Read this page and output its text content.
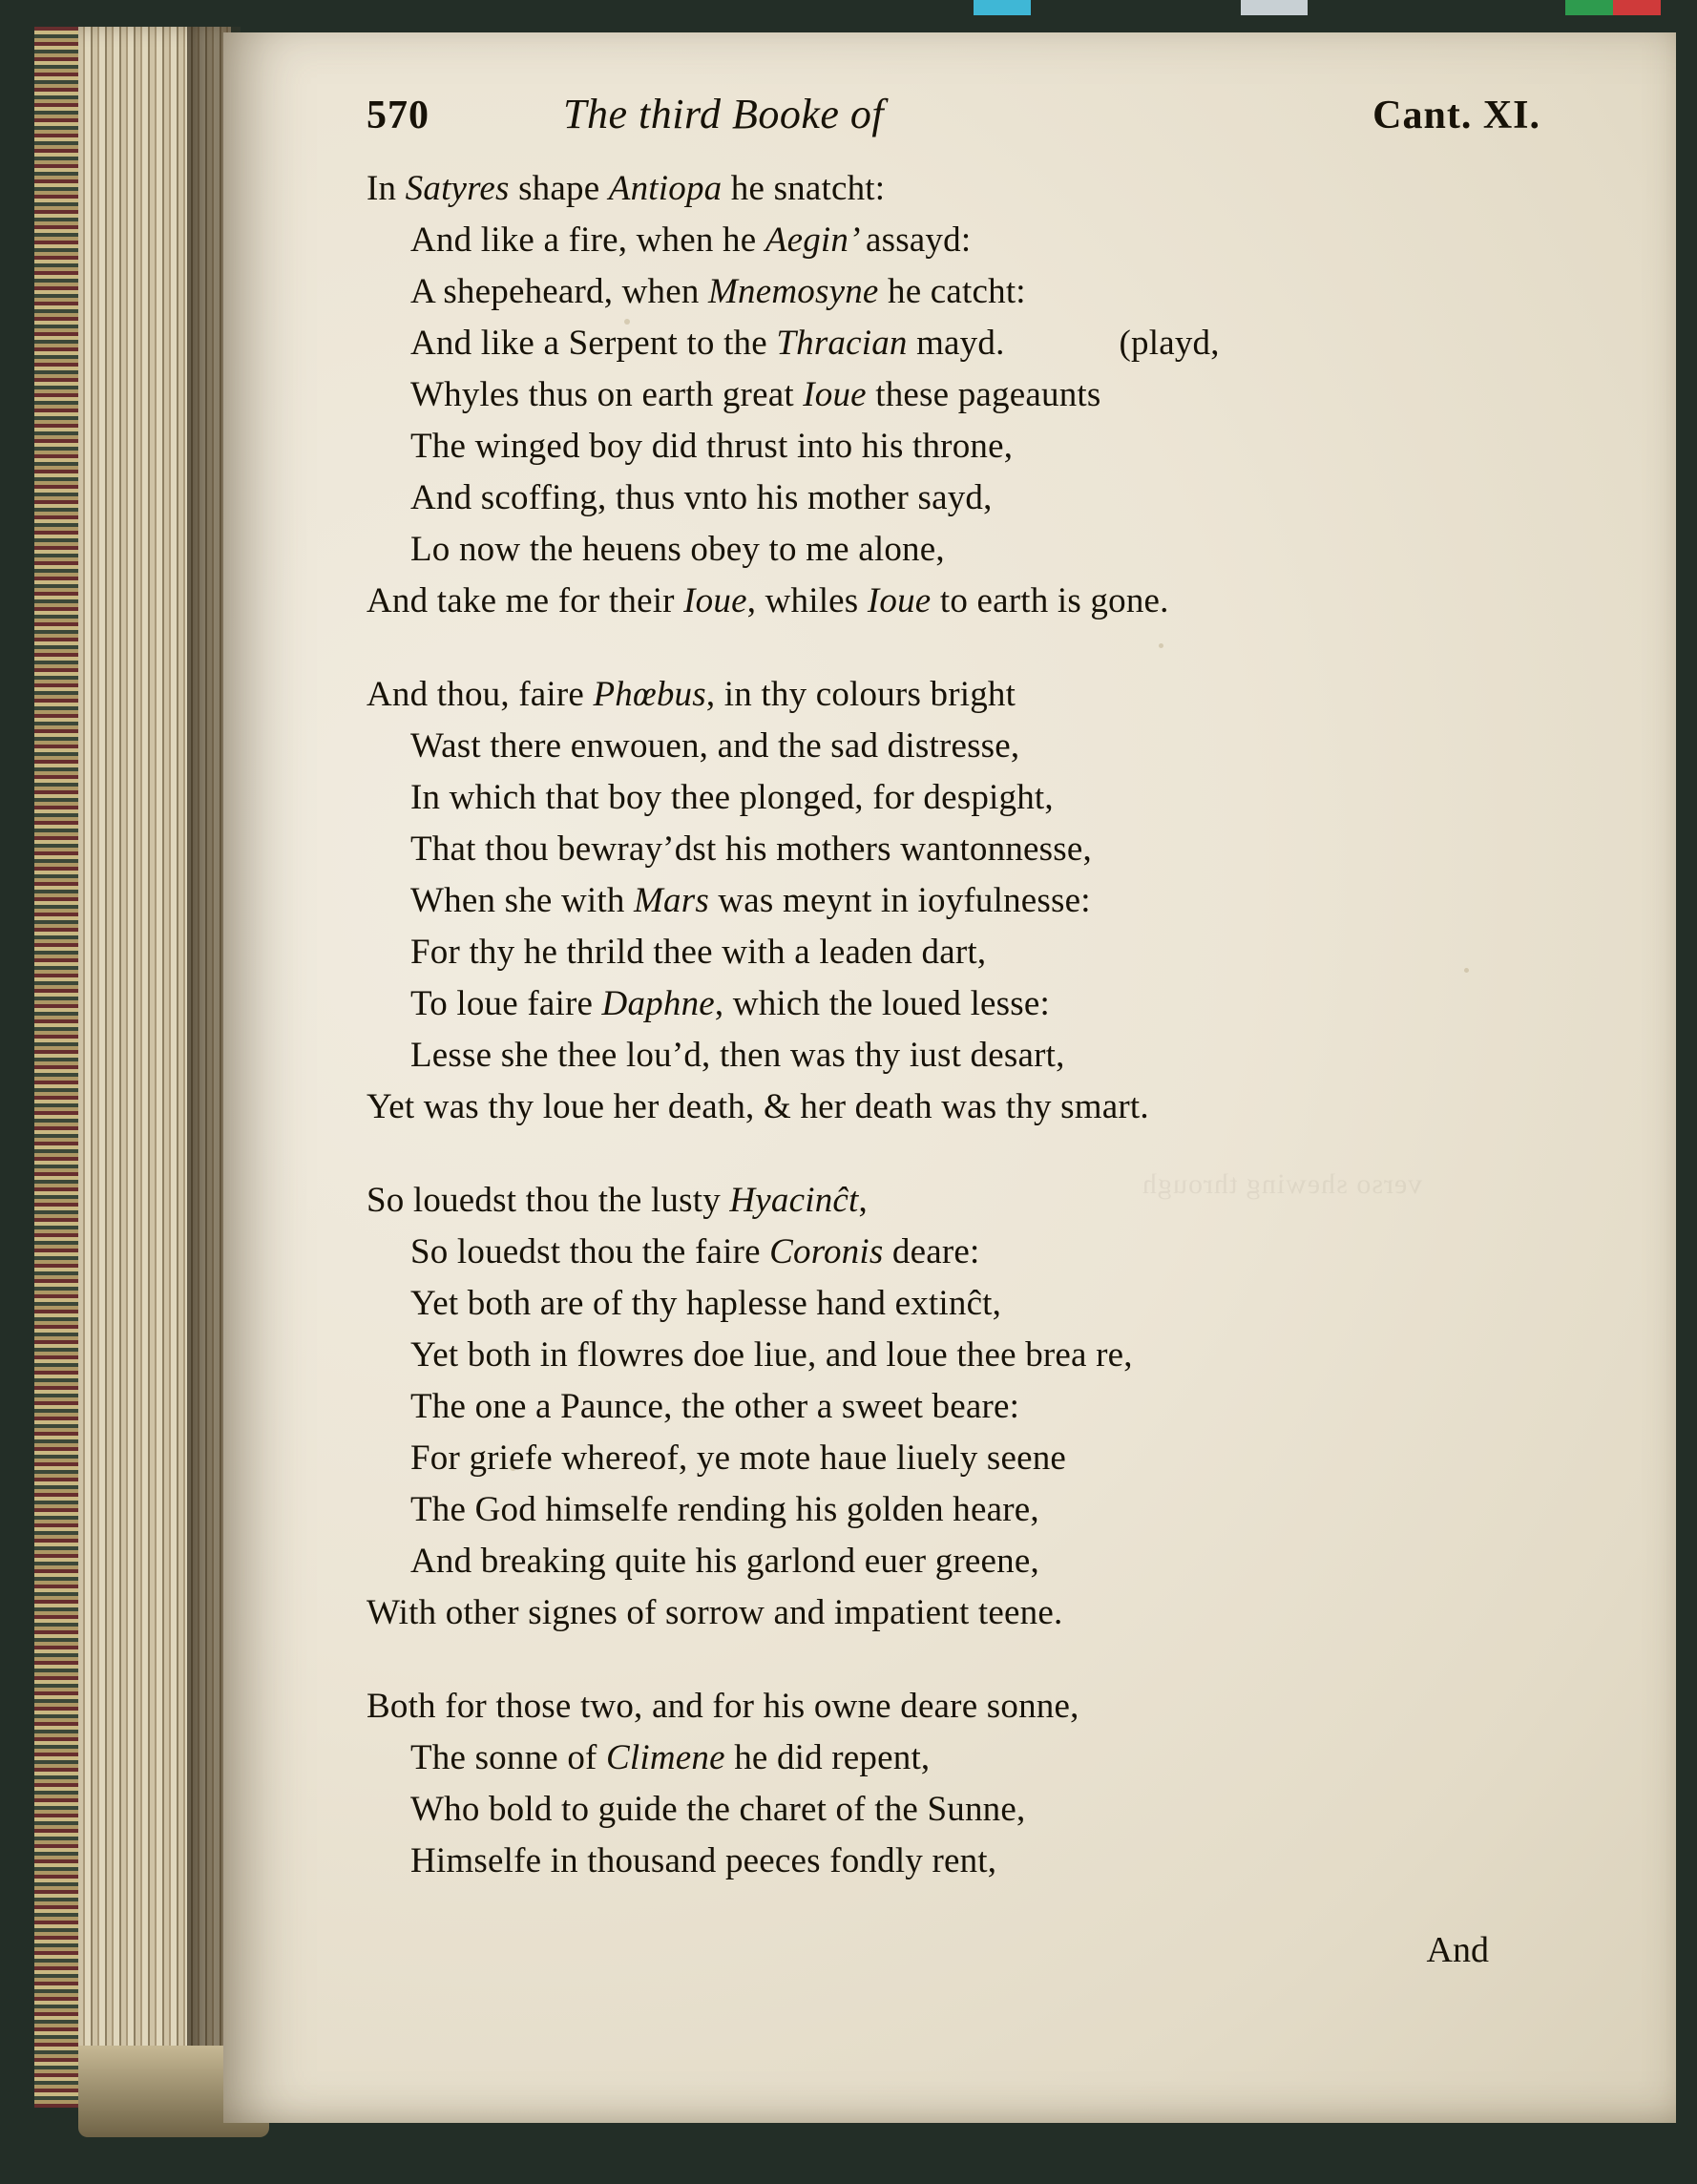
verso shewing through
570	The third Booke of	Cant. XI.
In Satyres shape Antiopa he snatcht:
And like a fire, when he Aegin’ assayd:
A shepeheard, when Mnemosyne he catcht:
And like a Serpent to the Thracian mayd.	(playd,
Whyles thus on earth great Ioue these pageaunts
The winged boy did thrust into his throne,
And scoffing, thus vnto his mother sayd,
Lo now the heuens obey to me alone,
And take me for their Ioue, whiles Ioue to earth is gone.
And thou, faire Phœbus, in thy colours bright
Wast there enwouen, and the sad distresse,
In which that boy thee plonged, for despight,
That thou bewray’dst his mothers wantonnesse,
When she with Mars was meynt in ioyfulnesse:
For thy he thrild thee with a leaden dart,
To loue faire Daphne, which the loued lesse:
Lesse she thee lou’d, then was thy iust desart,
Yet was thy loue her death, & her death was thy smart.
So louedst thou the lusty Hyacinĉt,
So louedst thou the faire Coronis deare:
Yet both are of thy haplesse hand extinĉt,
Yet both in flowres doe liue, and loue thee brea re,
The one a Paunce, the other a sweet beare:
For griefe whereof, ye mote haue liuely seene
The God himselfe rending his golden heare,
And breaking quite his garlond euer greene,
With other signes of sorrow and impatient teene.
Both for those two, and for his owne deare sonne,
The sonne of Climene he did repent,
Who bold to guide the charet of the Sunne,
Himselfe in thousand peeces fondly rent,
And
